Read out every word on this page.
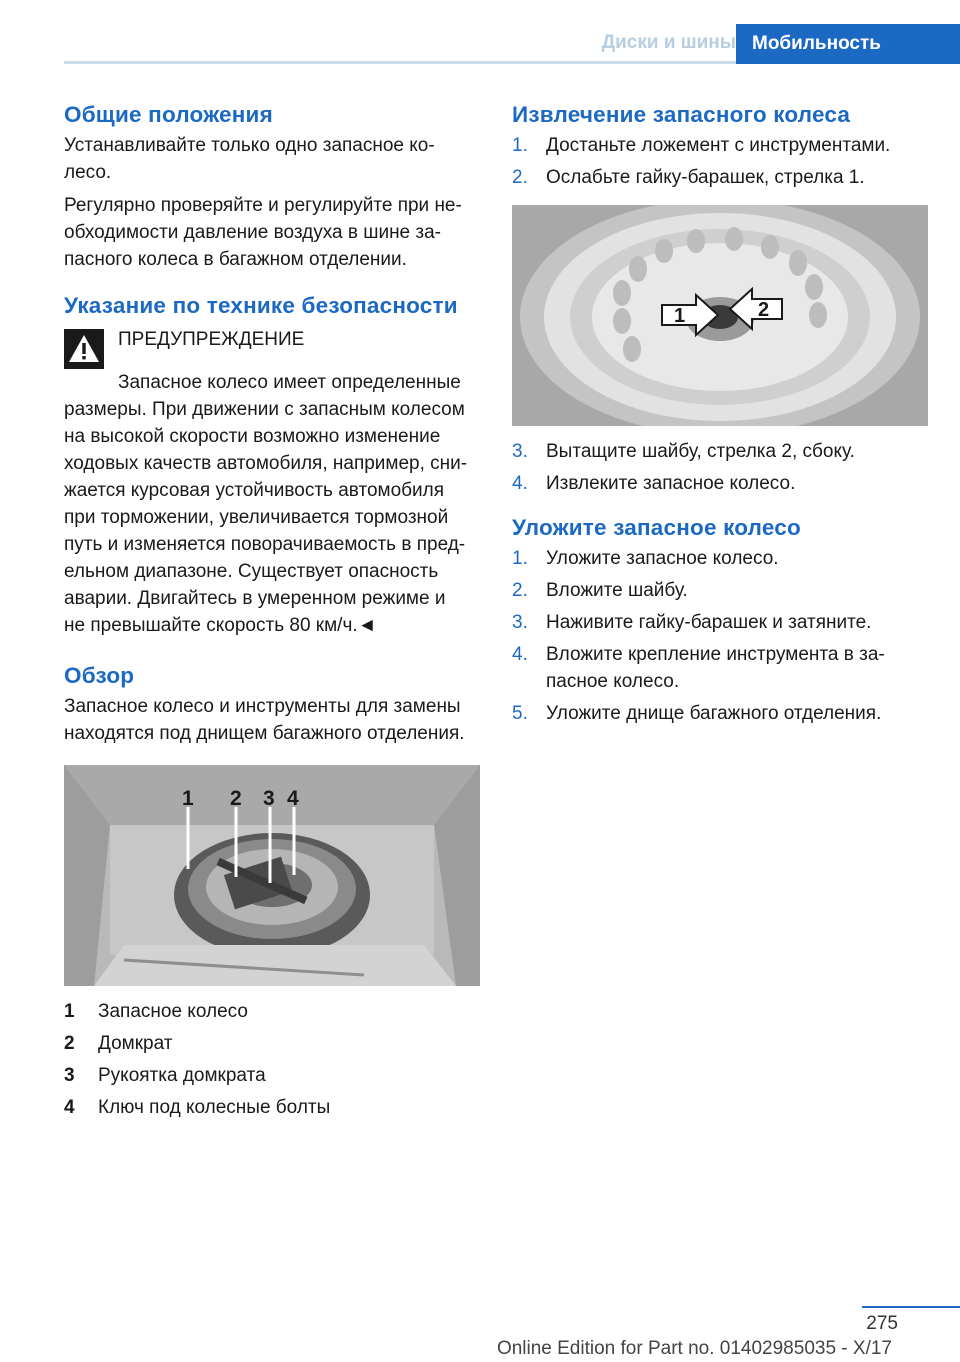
Диски и шины Мобильность
Общие положения

Устанавливайте только одно запасное ко-
лесо.

Регулярно проверяйте и регулируйте при не-
обходимости давление воздуха в шине за-
пасного колеса в багажном отделении.

Указание по технике безопасности
ПРЕДУПРЕЖДЕНИЕ
Запасное колесо имеет определенные
размеры. При движении с запасным колесом
на высокой скорости возможно изменение
ходовых качеств автомобиля, например, сни-
жается курсовая устойчивость автомобиля
при торможении, увеличивается тормозной
путь и изменяется поворачиваемость в пред-
ельном диапазоне. Существует опасность
аварии. Двигайтесь в умеренном режиме и
не превышайте скорость 80 км/ч.◄
Обзор

Запасное колесо и инструменты для замены
находятся под днищем багажного отделения.

1 2 3 4
1	Запасное колесо
2	Домкрат
3	Рукоятка домкрата
4	Ключ под колесные болты
Извлечение запасного колеса
1. Достаньте ложемент с инструментами.
2. Ослабьте гайку-барашек, стрелка 1.
1	2
3. Вытащите шайбу, стрелка 2, сбоку.
4. Извлеките запасное колесо.
Уложите запасное колесо
1. Уложите запасное колесо.
2. Вложите шайбу.
3. Наживите гайку-барашек и затяните.
4. Вложите крепление инструмента в за-
пасное колесо.
5. Уложите днище багажного отделения.
275
Online Edition for Part no. 01402985035 - X/17
